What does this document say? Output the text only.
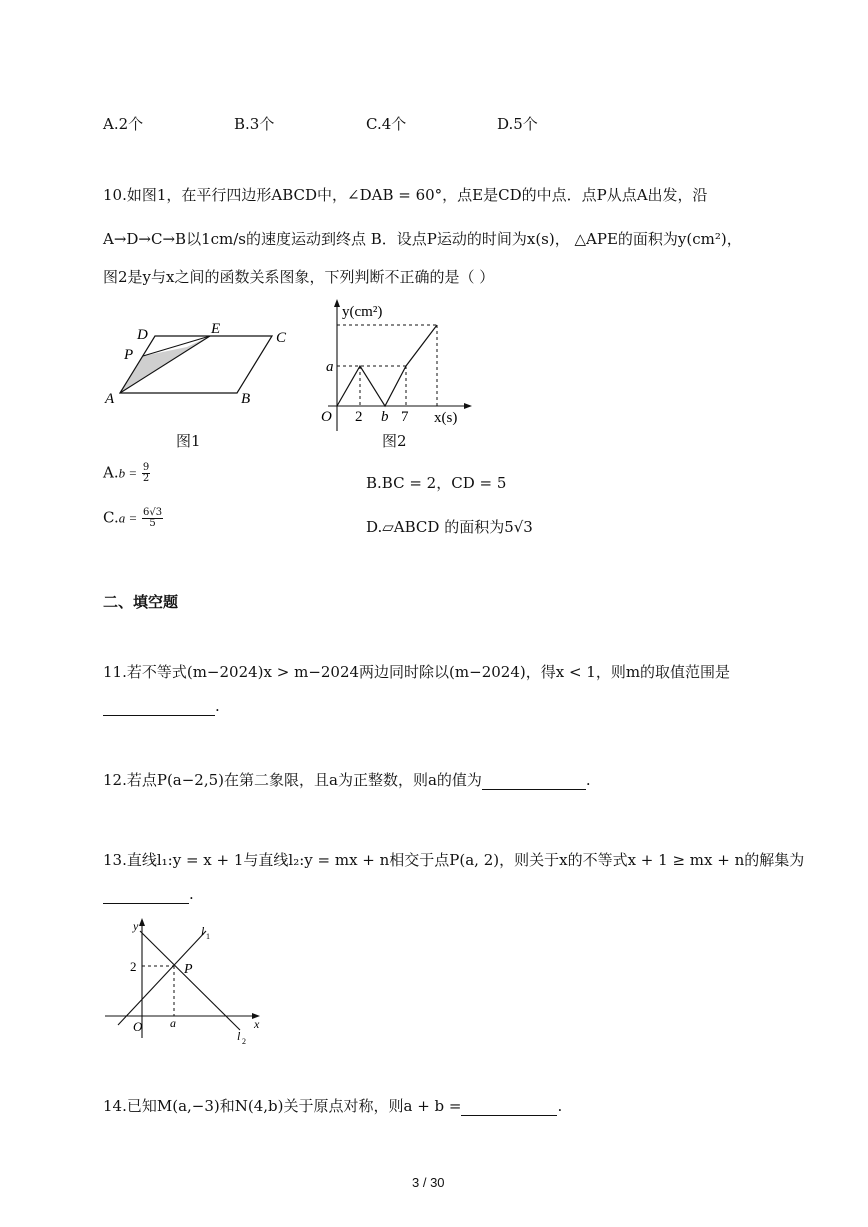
A.2个	B.3个	C.4个	D.5个
10.如图1，在平行四边形ABCD中，∠DAB = 60°，点E是CD的中点．点P从点A出发，沿
A→D→C→B以1cm/s的速度运动到终点 B．设点P运动的时间为x(s)， △APE的面积为y(cm²)，
图2是y与x之间的函数关系图象，下列判断不正确的是（ ）
A	B
C
D	E
P
图1
y(cm²)
a
O 2 b 7 x(s)
图2
$A.b = \frac{9}{2}$	B.BC = 2，CD = 5
$C.a = \frac{6√3}{5}$	D.▱ABCD 的面积为5√3
二、填空题
11.若不等式(m−2024)x > m−2024两边同时除以(m−2024)，得x < 1，则m的取值范围是
.
12.若点P(a−2,5)在第二象限，且a为正整数，则a的值为	.
13.直线l₁:y = x + 1与直线l₂:y = mx + n相交于点P(a, 2)，则关于x的不等式x + 1 ≥ mx + n的解集为
.
y
x
O
2
a
P
l 1
l 2
14.已知M(a,−3)和N(4,b)关于原点对称，则a + b =	.
3 / 30
